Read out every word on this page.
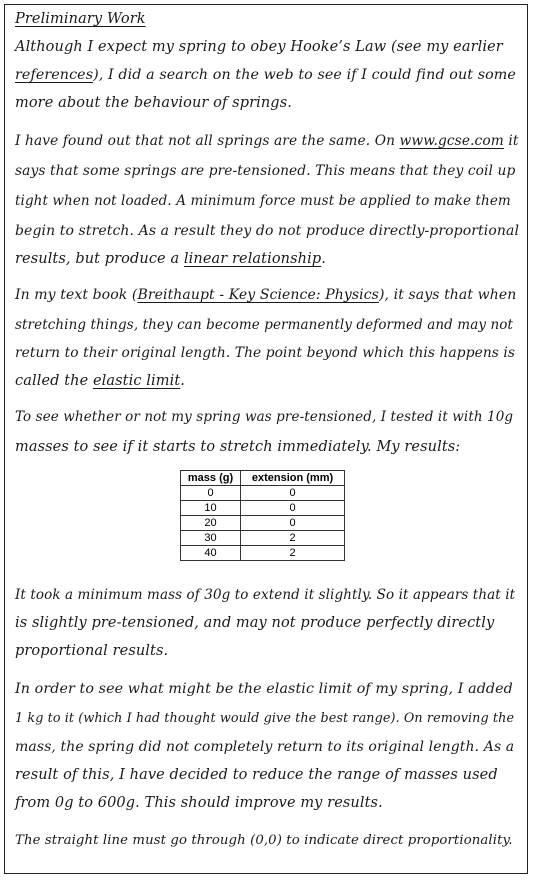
Preliminary Work

Although I expect my spring to obey Hooke’s Law (see my earlier

references), I did a search on the web to see if I could find out some

more about the behaviour of springs.

I have found out that not all springs are the same. On www.gcse.com it

says that some springs are pre-tensioned. This means that they coil up

tight when not loaded. A minimum force must be applied to make them

begin to stretch. As a result they do not produce directly-proportional

results, but produce a linear relationship.

In my text book (Breithaupt - Key Science: Physics), it says that when

stretching things, they can become permanently deformed and may not

return to their original length. The point beyond which this happens is

called the elastic limit.

To see whether or not my spring was pre-tensioned, I tested it with 10g

masses to see if it starts to stretch immediately. My results:

mass (g)	extension (mm)
0	0
10	0
20	0
30	2
40	2

It took a minimum mass of 30g to extend it slightly. So it appears that it

is slightly pre-tensioned, and may not produce perfectly directly

proportional results.

In order to see what might be the elastic limit of my spring, I added

1 kg to it (which I had thought would give the best range). On removing the

mass, the spring did not completely return to its original length. As a

result of this, I have decided to reduce the range of masses used

from 0g to 600g. This should improve my results.

The straight line must go through (0,0) to indicate direct proportionality.
